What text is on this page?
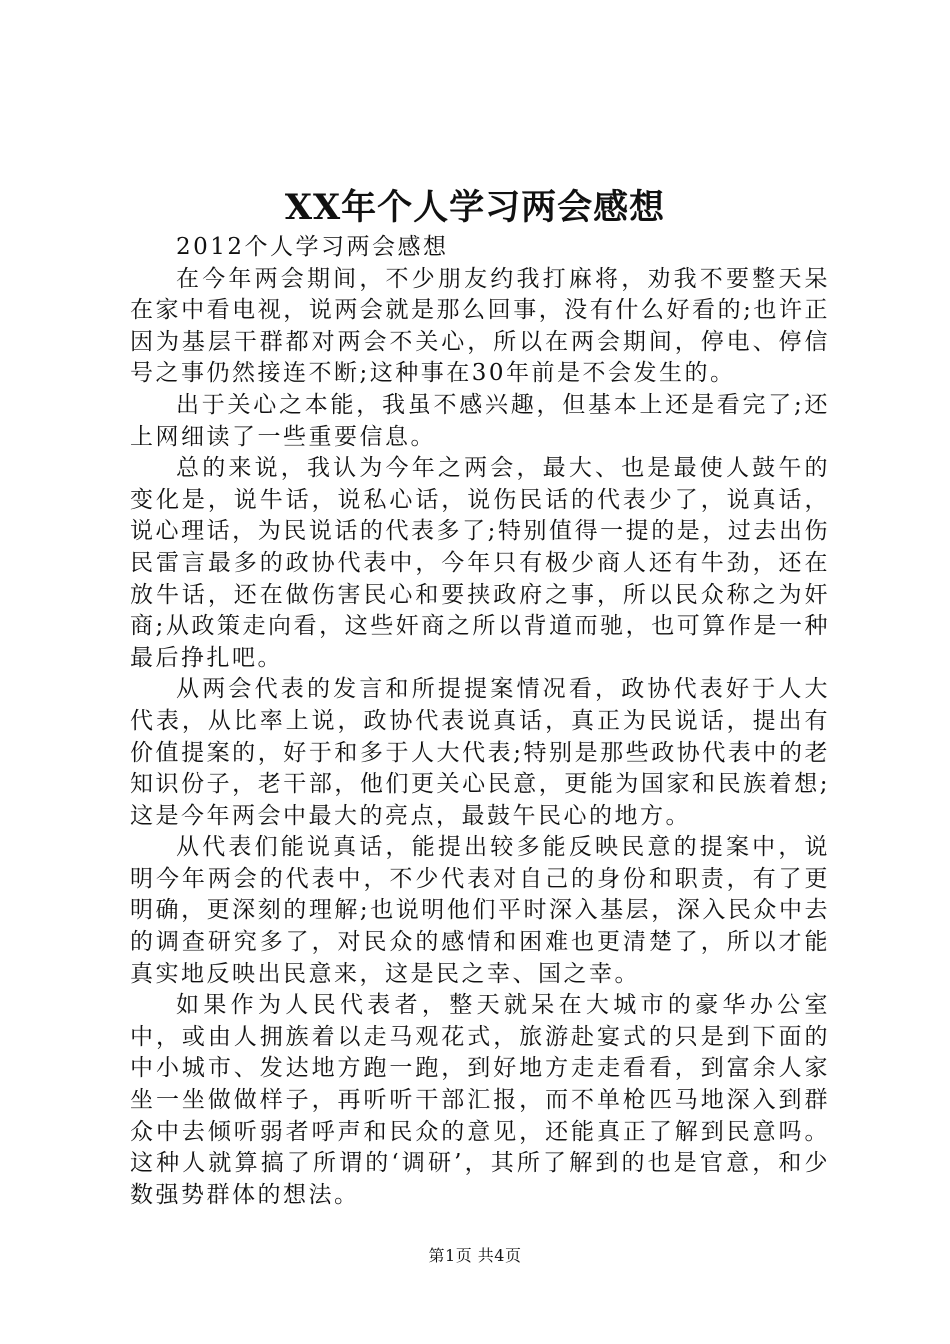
XX年个人学习两会感想

2012个人学习两会感想

在今年两会期间，不少朋友约我打麻将，劝我不要整天呆在家中看电视，说两会就是那么回事，没有什么好看的;也许正因为基层干群都对两会不关心，所以在两会期间，停电、停信号之事仍然接连不断;这种事在30年前是不会发生的。

出于关心之本能，我虽不感兴趣，但基本上还是看完了;还上网细读了一些重要信息。

总的来说，我认为今年之两会，最大、也是最使人鼓午的变化是，说牛话，说私心话，说伤民话的代表少了，说真话，说心理话，为民说话的代表多了;特别值得一提的是，过去出伤民雷言最多的政协代表中，今年只有极少商人还有牛劲，还在放牛话，还在做伤害民心和要挟政府之事，所以民众称之为奸商;从政策走向看，这些奸商之所以背道而驰，也可算作是一种最后挣扎吧。

从两会代表的发言和所提提案情况看，政协代表好于人大代表，从比率上说，政协代表说真话，真正为民说话，提出有价值提案的，好于和多于人大代表;特别是那些政协代表中的老知识份子，老干部，他们更关心民意，更能为国家和民族着想;这是今年两会中最大的亮点，最鼓午民心的地方。

从代表们能说真话，能提出较多能反映民意的提案中，说明今年两会的代表中，不少代表对自己的身份和职责，有了更明确，更深刻的理解;也说明他们平时深入基层，深入民众中去的调查研究多了，对民众的感情和困难也更清楚了，所以才能真实地反映出民意来，这是民之幸、国之幸。

如果作为人民代表者，整天就呆在大城市的豪华办公室中，或由人拥族着以走马观花式，旅游赴宴式的只是到下面的中小城市、发达地方跑一跑，到好地方走走看看，到富余人家坐一坐做做样子，再听听干部汇报，而不单枪匹马地深入到群众中去倾听弱者呼声和民众的意见，还能真正了解到民意吗。这种人就算搞了所谓的‘调研’，其所了解到的也是官意，和少数强势群体的想法。

第1页 共4页
